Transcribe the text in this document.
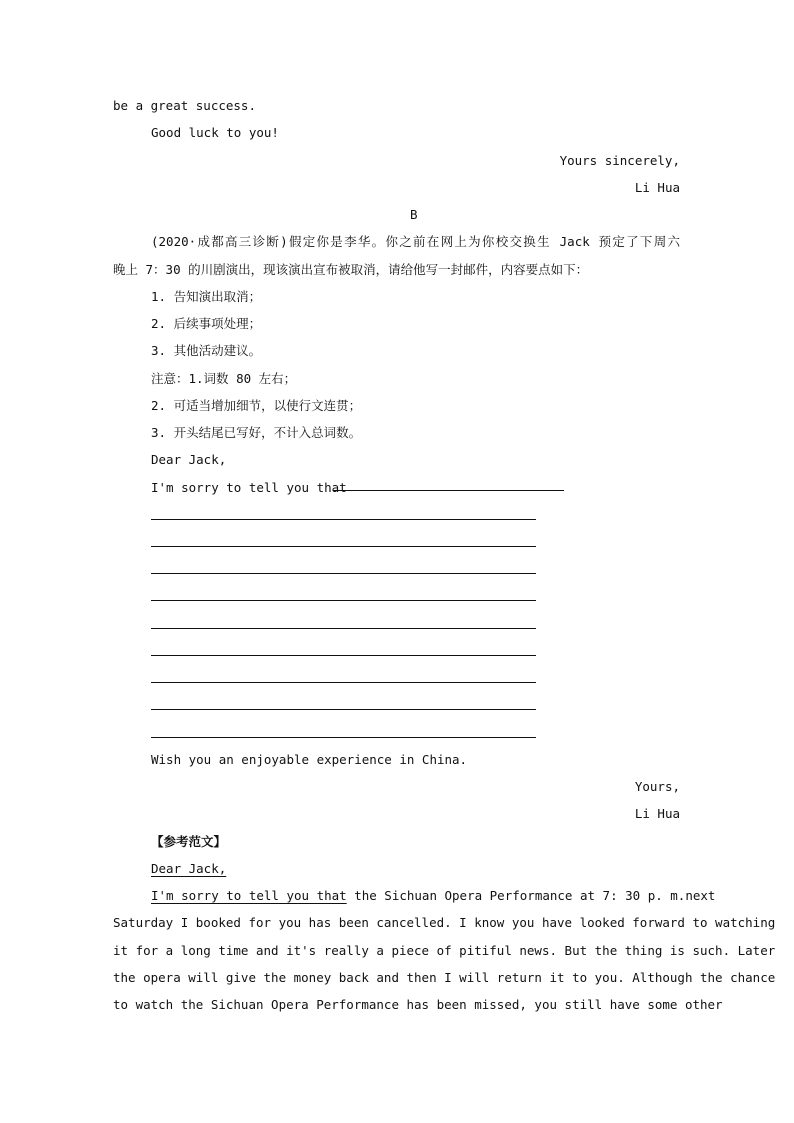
be a great success.
Good luck to you!
Yours sincerely,
Li Hua
B
(2020·成都高三诊断)假定你是李华。你之前在网上为你校交换生 Jack 预定了下周六
晚上 7：30 的川剧演出，现该演出宣布被取消，请给他写一封邮件，内容要点如下：
1. 告知演出取消；
2. 后续事项处理；
3. 其他活动建议。
注意：1.词数 80 左右；
2. 可适当增加细节，以使行文连贯；
3. 开头结尾已写好，不计入总词数。
Dear Jack,
I'm sorry to tell you that
Wish you an enjoyable experience in China.
Yours,
Li Hua
【参考范文】
Dear Jack,
I'm sorry to tell you that the Sichuan Opera Performance at 7: 30 p. m.next
Saturday I booked for you has been cancelled. I know you have looked forward to watching
it for a long time and it's really a piece of pitiful news. But the thing is such. Later
the opera will give the money back and then I will return it to you. Although the chance
to watch the Sichuan Opera Performance has been missed, you still have some other
